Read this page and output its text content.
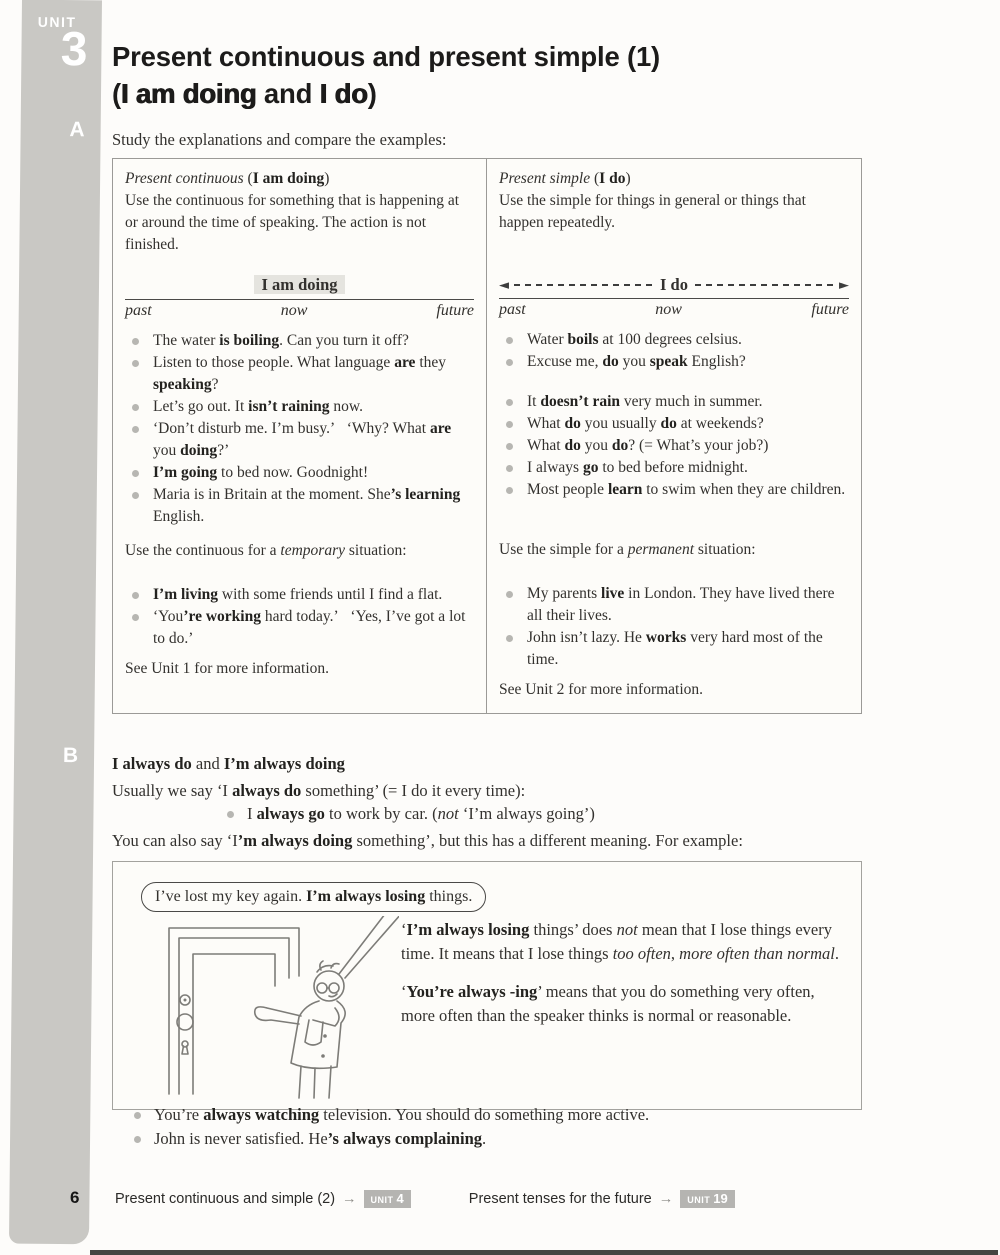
UNIT
3
A
B
Present continuous and present simple (1)
(I am doing and I do)

Study the explanations and compare the examples:

Present continuous (I am doing)
Use the continuous for something that is happening at or around the time of speaking. The action is not finished.
I am doing
past	now	future
The water is boiling. Can you turn it off?
Listen to those people. What language are they speaking?
Let’s go out. It isn’t raining now.
‘Don’t disturb me. I’m busy.’   ‘Why? What are you doing?’
I’m going to bed now. Goodnight!
Maria is in Britain at the moment. She’s learning English.
Use the continuous for a temporary situation:
I’m living with some friends until I find a flat.
‘You’re working hard today.’   ‘Yes, I’ve got a lot to do.’
See Unit 1 for more information.
Present simple (I do)
Use the simple for things in general or things that happen repeatedly.
◄	I do	►
past	now	future
Water boils at 100 degrees celsius.
Excuse me, do you speak English?
It doesn’t rain very much in summer.
What do you usually do at weekends?
What do you do? (= What’s your job?)
I always go to bed before midnight.
Most people learn to swim when they are children.
Use the simple for a permanent situation:
My parents live in London. They have lived there all their lives.
John isn’t lazy. He works very hard most of the time.
See Unit 2 for more information.
I always do and I’m always doing
Usually we say ‘I always do something’ (= I do it every time):
I always go to work by car. (not ‘I’m always going’)
You can also say ‘I’m always doing something’, but this has a different meaning. For example:
I’ve lost my key again. I’m always losing things.
‘I’m always losing things’ does not mean that I lose things every time. It means that I lose things too often, more often than normal.
‘You’re always -ing’ means that you do something very often, more often than the speaker thinks is normal or reasonable.
You’re always watching television. You should do something more active.
John is never satisfied. He’s always complaining.
6 Present continuous and simple (2) → UNIT 4	Present tenses for the future → UNIT 19
